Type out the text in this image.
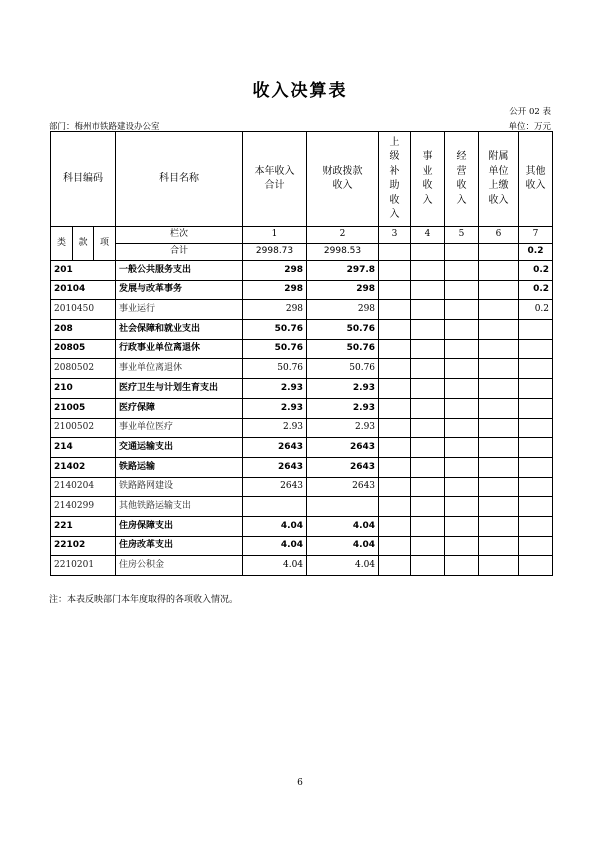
收入决算表
公开 02 表
部门：梅州市铁路建设办公室	单位：万元
科目编码			科目名称	本年收入合计	财政拨款收入	上级补助收入	事业收入	经营收入	附属单位上缴收入	其他收入
类	款	项	栏次	1	2	3	4	5	6	7
			合计	2998.73	2998.53					0.2
201			一般公共服务支出	298	297.8					0.2
20104			发展与改革事务	298	298					0.2
2010450			事业运行	298	298					0.2
208			社会保障和就业支出	50.76	50.76					
20805			行政事业单位离退休	50.76	50.76					
2080502			事业单位离退休	50.76	50.76					
210			医疗卫生与计划生育支出	2.93	2.93					
21005			医疗保障	2.93	2.93					
2100502			事业单位医疗	2.93	2.93					
214			交通运输支出	2643	2643					
21402			铁路运输	2643	2643					
2140204			铁路路网建设	2643	2643					
2140299			其他铁路运输支出							
221			住房保障支出	4.04	4.04					
22102			住房改革支出	4.04	4.04					
2210201			住房公积金	4.04	4.04					
注：本表反映部门本年度取得的各项收入情况。
6
